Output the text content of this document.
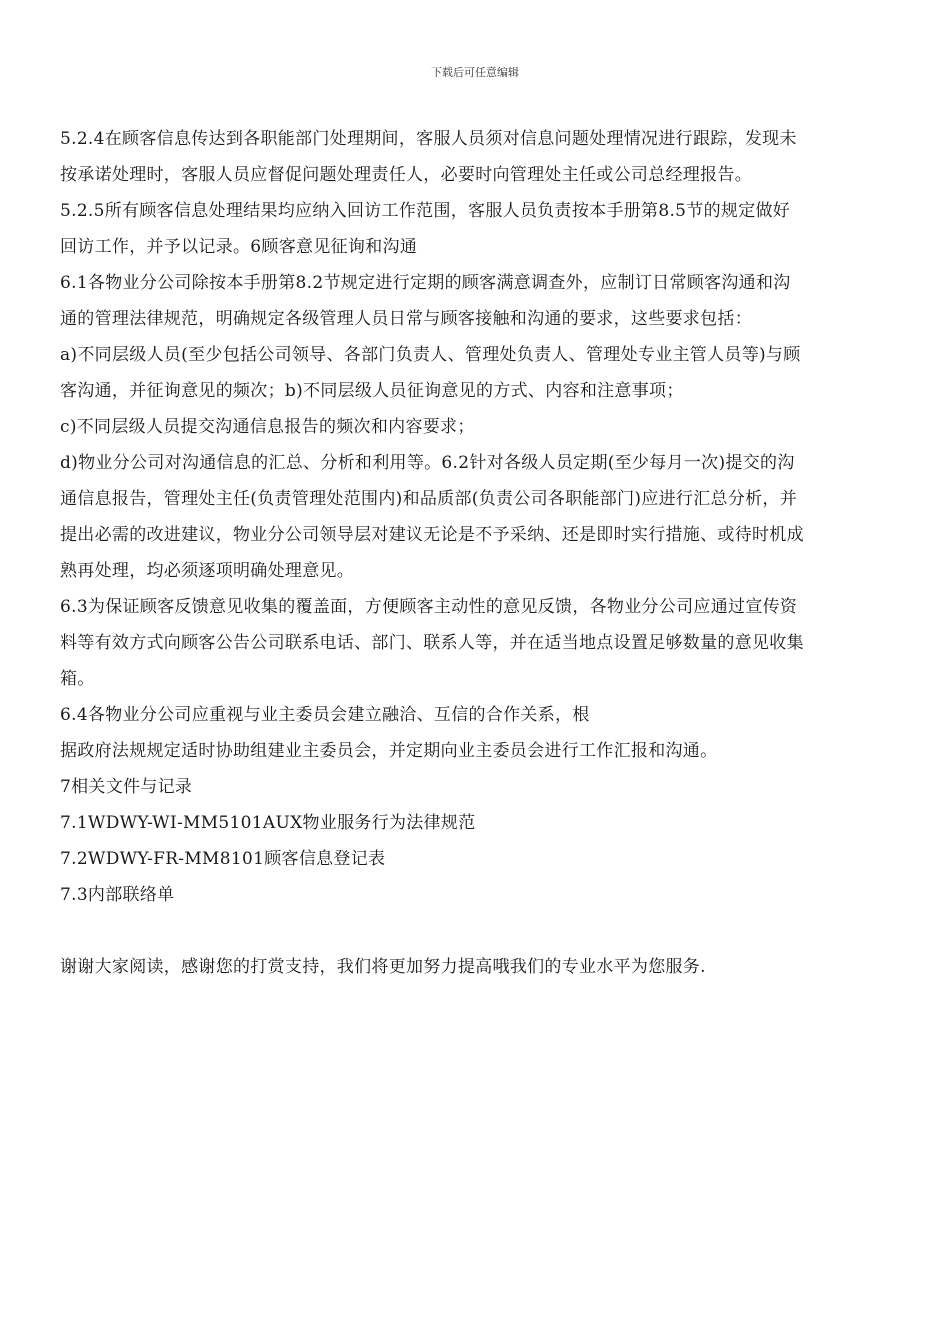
下载后可任意编辑
5.2.4在顾客信息传达到各职能部门处理期间，客服人员须对信息问题处理情况进行跟踪，发现未
按承诺处理时，客服人员应督促问题处理责任人，必要时向管理处主任或公司总经理报告。
5.2.5所有顾客信息处理结果均应纳入回访工作范围，客服人员负责按本手册第8.5节的规定做好
回访工作，并予以记录。6顾客意见征询和沟通
6.1各物业分公司除按本手册第8.2节规定进行定期的顾客满意调查外，应制订日常顾客沟通和沟
通的管理法律规范，明确规定各级管理人员日常与顾客接触和沟通的要求，这些要求包括：
a)不同层级人员(至少包括公司领导、各部门负责人、管理处负责人、管理处专业主管人员等)与顾
客沟通，并征询意见的频次；b)不同层级人员征询意见的方式、内容和注意事项；
c)不同层级人员提交沟通信息报告的频次和内容要求；
d)物业分公司对沟通信息的汇总、分析和利用等。6.2针对各级人员定期(至少每月一次)提交的沟
通信息报告，管理处主任(负责管理处范围内)和品质部(负责公司各职能部门)应进行汇总分析，并
提出必需的改进建议，物业分公司领导层对建议无论是不予采纳、还是即时实行措施、或待时机成
熟再处理，均必须逐项明确处理意见。
6.3为保证顾客反馈意见收集的覆盖面，方便顾客主动性的意见反馈，各物业分公司应通过宣传资
料等有效方式向顾客公告公司联系电话、部门、联系人等，并在适当地点设置足够数量的意见收集
箱。
6.4各物业分公司应重视与业主委员会建立融洽、互信的合作关系，根
据政府法规规定适时协助组建业主委员会，并定期向业主委员会进行工作汇报和沟通。
7相关文件与记录
7.1WDWY-WI-MM5101AUX物业服务行为法律规范
7.2WDWY-FR-MM8101顾客信息登记表
7.3内部联络单
谢谢大家阅读，感谢您的打赏支持，我们将更加努力提高哦我们的专业水平为您服务.
